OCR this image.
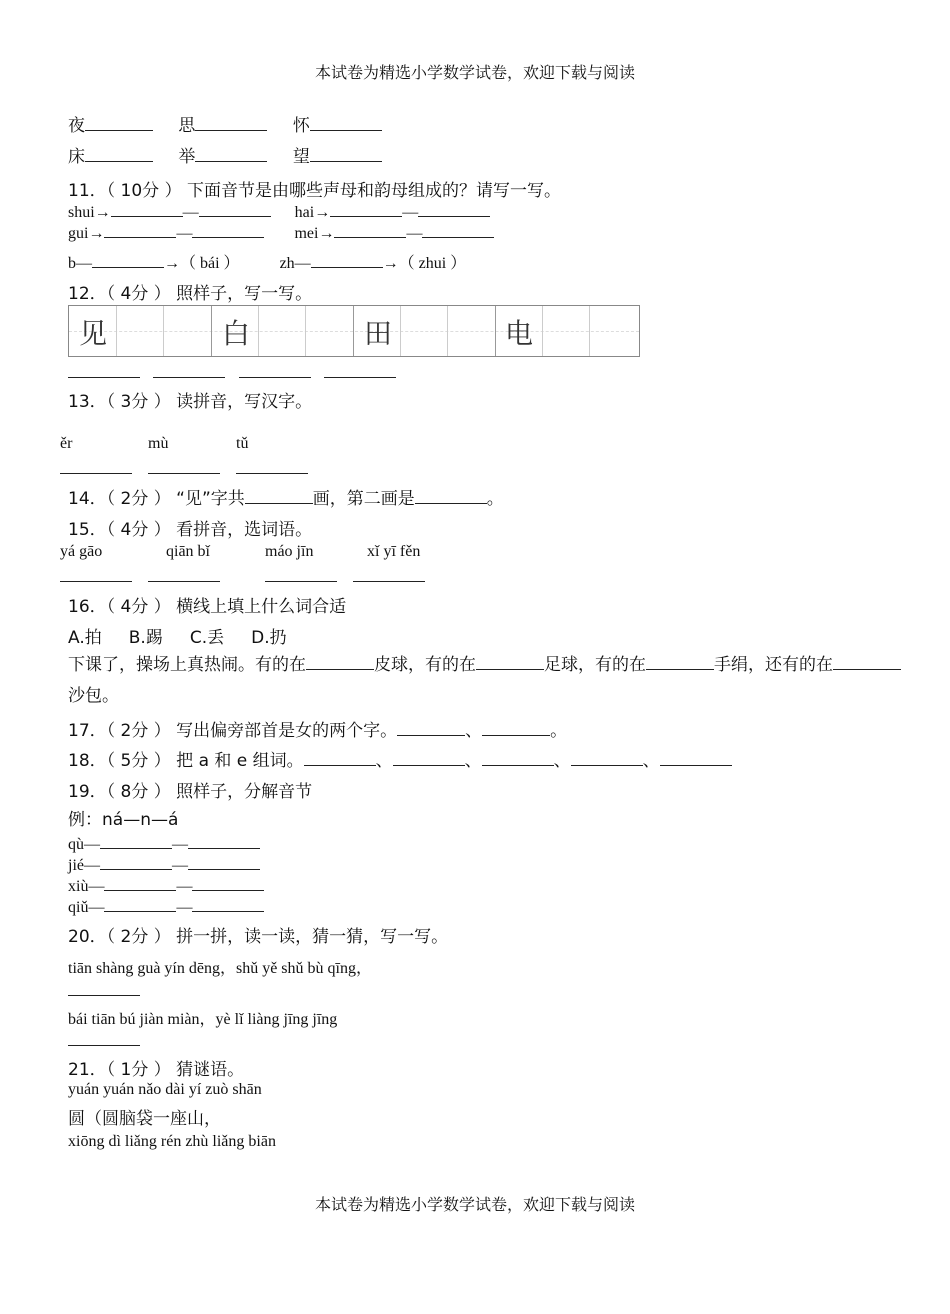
本试卷为精选小学数学试卷，欢迎下载与阅读
夜	思	怀
床	举	望
11．（ 10分 ） 下面音节是由哪些声母和韵母组成的？请写一写。
shui→	—	hai→	—
gui→	—	mei→	—
b—	→（ bái ）	zh—	→（ zhui ）
12．（ 4分 ） 照样子，写一写。
见	白	田	电
13．（ 3分 ） 读拼音，写汉字。
ěr	mù	tǔ
14．（ 2分 ） “见”字共	画，第二画是	。
15．（ 4分 ） 看拼音，选词语。
yá gāo	qiān bǐ	máo jīn	xǐ yī fěn
16．（ 4分 ） 横线上填上什么词合适
A.拍     B.踢     C.丢     D.扔
下课了，操场上真热闹。有的在	皮球，有的在	足球，有的在	手绢，还有的在
沙包。
17．（ 2分 ） 写出偏旁部首是女的两个字。	、	。
18．（ 5分 ） 把 a 和 e 组词。	、	、	、	、
19．（ 8分 ） 照样子，分解音节
例：ná—n—á
qù—	—
jié—	—
xiù—	—
qiǔ—	—
20．（ 2分 ） 拼一拼，读一读，猜一猜，写一写。
tiān shàng guà yín dēng，shǔ yě shǔ bù qīng，
bái tiān bú jiàn miàn，yè lǐ liàng jīng jīng
21．（ 1分 ） 猜谜语。
yuán yuán nǎo dài yí zuò shān
圆（圆脑袋一座山，
xiōng dì liǎng rén zhù liǎng biān
本试卷为精选小学数学试卷，欢迎下载与阅读
